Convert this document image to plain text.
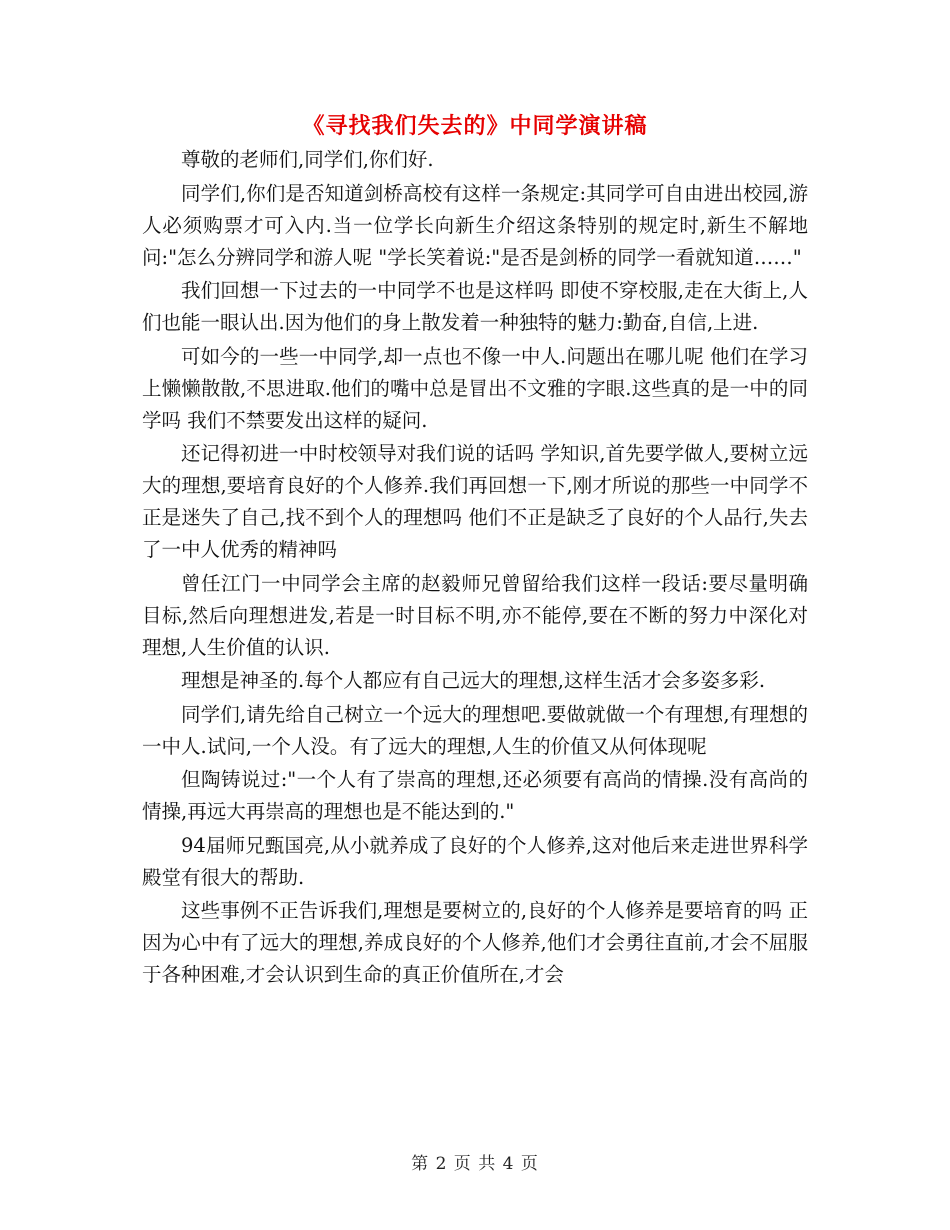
《寻找我们失去的》中同学演讲稿

尊敬的老师们,同学们,你们好.

同学们,你们是否知道剑桥高校有这样一条规定:其同学可自由进出校园,游人必须购票才可入内.当一位学长向新生介绍这条特别的规定时,新生不解地问:"怎么分辨同学和游人呢 "学长笑着说:"是否是剑桥的同学一看就知道……"

我们回想一下过去的一中同学不也是这样吗 即使不穿校服,走在大街上,人们也能一眼认出.因为他们的身上散发着一种独特的魅力:勤奋,自信,上进.

可如今的一些一中同学,却一点也不像一中人.问题出在哪儿呢 他们在学习上懒懒散散,不思进取.他们的嘴中总是冒出不文雅的字眼.这些真的是一中的同学吗 我们不禁要发出这样的疑问.

还记得初进一中时校领导对我们说的话吗 学知识,首先要学做人,要树立远大的理想,要培育良好的个人修养.我们再回想一下,刚才所说的那些一中同学不正是迷失了自己,找不到个人的理想吗 他们不正是缺乏了良好的个人品行,失去了一中人优秀的精神吗

曾任江门一中同学会主席的赵毅师兄曾留给我们这样一段话:要尽量明确目标,然后向理想进发,若是一时目标不明,亦不能停,要在不断的努力中深化对理想,人生价值的认识.

理想是神圣的.每个人都应有自己远大的理想,这样生活才会多姿多彩.

同学们,请先给自己树立一个远大的理想吧.要做就做一个有理想,有理想的一中人.试问,一个人没。有了远大的理想,人生的价值又从何体现呢

但陶铸说过:"一个人有了崇高的理想,还必须要有高尚的情操.没有高尚的情操,再远大再崇高的理想也是不能达到的."

94届师兄甄国亮,从小就养成了良好的个人修养,这对他后来走进世界科学殿堂有很大的帮助.

这些事例不正告诉我们,理想是要树立的,良好的个人修养是要培育的吗 正因为心中有了远大的理想,养成良好的个人修养,他们才会勇往直前,才会不屈服于各种困难,才会认识到生命的真正价值所在,才会

第 2 页 共 4 页
